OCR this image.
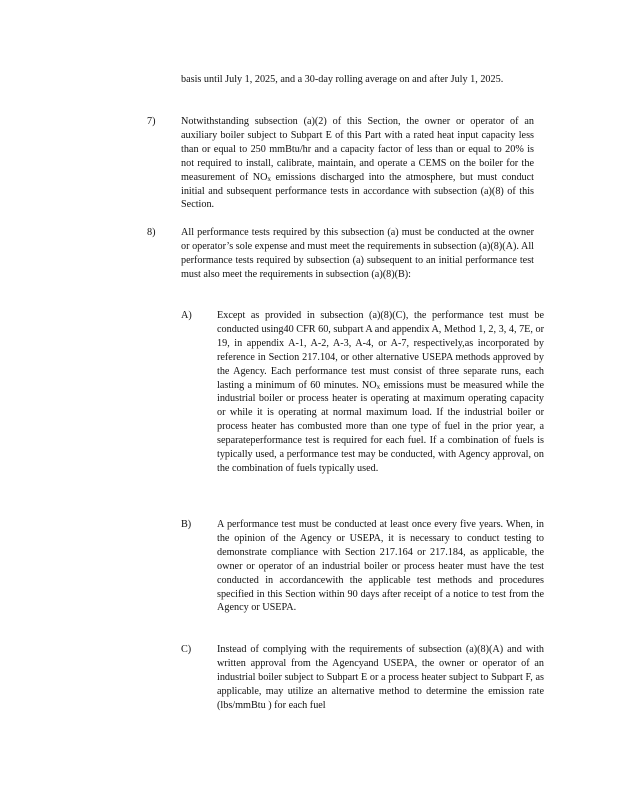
basis until July 1, 2025, and a 30-day rolling average on and after July 1, 2025.

7)	Notwithstanding subsection (a)(2) of this Section, the owner or operator of an auxiliary boiler subject to Subpart E of this Part with a rated heat input capacity less than or equal to 250 mmBtu/hr and a capacity factor of less than or equal to 20% is not required to install, calibrate, maintain, and operate a CEMS on the boiler for the measurement of $NO_x$ emissions discharged into the atmosphere, but must conduct initial and subsequent performance tests in accordance with subsection (a)(8) of this Section.

8)	All performance tests required by this subsection (a) must be conducted at the owner or operator’s sole expense and must meet the requirements in subsection (a)(8)(A). All performance tests required by subsection (a) subsequent to an initial performance test must also meet the requirements in subsection (a)(8)(B):

A) Except as provided in subsection (a)(8)(C), the performance test must be conducted using40 CFR 60, subpart A and appendix A, Method 1, 2, 3, 4, 7E, or 19, in appendix A-1, A-2, A-3, A-4, or A-7, respectively,as incorporated by reference in Section 217.104, or other alternative USEPA methods approved by the Agency. Each performance test must consist of three separate runs, each lasting a minimum of 60 minutes. $NO_x$ emissions must be measured while the industrial boiler or process heater is operating at maximum operating capacity or while it is operating at normal maximum load. If the industrial boiler or process heater has combusted more than one type of fuel in the prior year, a separateperformance test is required for each fuel. If a combination of fuels is typically used, a performance test may be conducted, with Agency approval, on the combination of fuels typically used.

B)	A performance test must be conducted at least once every five years. When, in the opinion of the Agency or USEPA, it is necessary to conduct testing to demonstrate compliance with Section 217.164 or 217.184, as applicable, the owner or operator of an industrial boiler or process heater must have the test conducted in accordancewith the applicable test methods and procedures specified in this Section within 90 days after receipt of a notice to test from the Agency or USEPA.

C)	Instead of complying with the requirements of subsection (a)(8)(A) and with written approval from the Agencyand USEPA, the owner or operator of an industrial boiler subject to Subpart E or a process heater subject to Subpart F, as applicable, may utilize an alternative method to determine the emission rate (lbs/mmBtu ) for each fuel
